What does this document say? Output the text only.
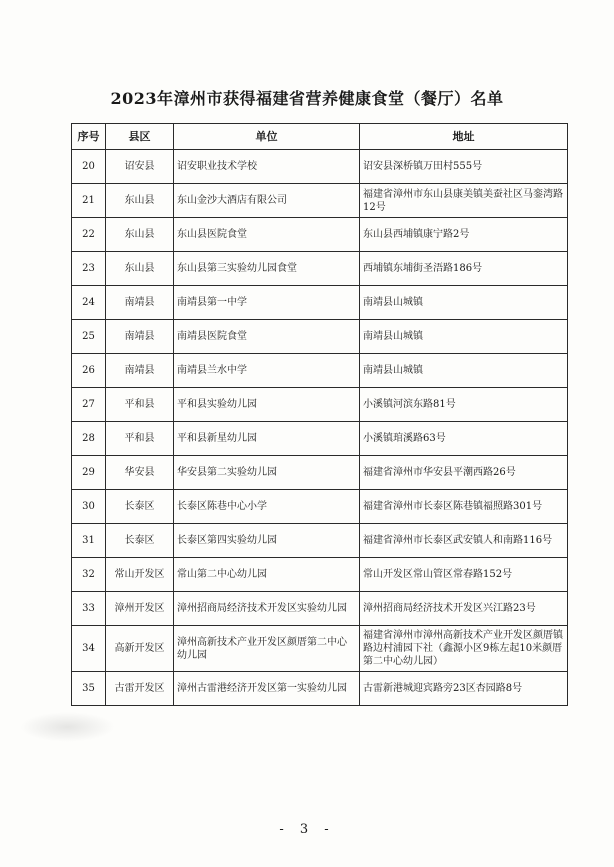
2023年漳州市获得福建省营养健康食堂（餐厅）名单
序号	县区	单位	地址
20	诏安县	诏安职业技术学校	诏安县深桥镇万田村555号
21	东山县	东山金沙大酒店有限公司	福建省漳州市东山县康美镇美蚕社区马銮湾路12号
22	东山县	东山县医院食堂	东山县西埔镇康宁路2号
23	东山县	东山县第三实验幼儿园食堂	西埔镇东埔街圣浯路186号
24	南靖县	南靖县第一中学	南靖县山城镇
25	南靖县	南靖县医院食堂	南靖县山城镇
26	南靖县	南靖县兰水中学	南靖县山城镇
27	平和县	平和县实验幼儿园	小溪镇河滨东路81号
28	平和县	平和县新星幼儿园	小溪镇琯溪路63号
29	华安县	华安县第二实验幼儿园	福建省漳州市华安县平潮西路26号
30	长泰区	长泰区陈巷中心小学	福建省漳州市长泰区陈巷镇福照路301号
31	长泰区	长泰区第四实验幼儿园	福建省漳州市长泰区武安镇人和南路116号
32	常山开发区	常山第二中心幼儿园	常山开发区常山管区常春路152号
33	漳州开发区	漳州招商局经济技术开发区实验幼儿园	漳州招商局经济技术开发区兴江路23号
34	高新开发区	漳州高新技术产业开发区颜厝第二中心幼儿园	福建省漳州市漳州高新技术产业开发区颜厝镇路边村浦园下社（鑫源小区9栋左起10米颜厝第二中心幼儿园）
35	古雷开发区	漳州古雷港经济开发区第一实验幼儿园	古雷新港城迎宾路旁23区杏园路8号
- 3 -
